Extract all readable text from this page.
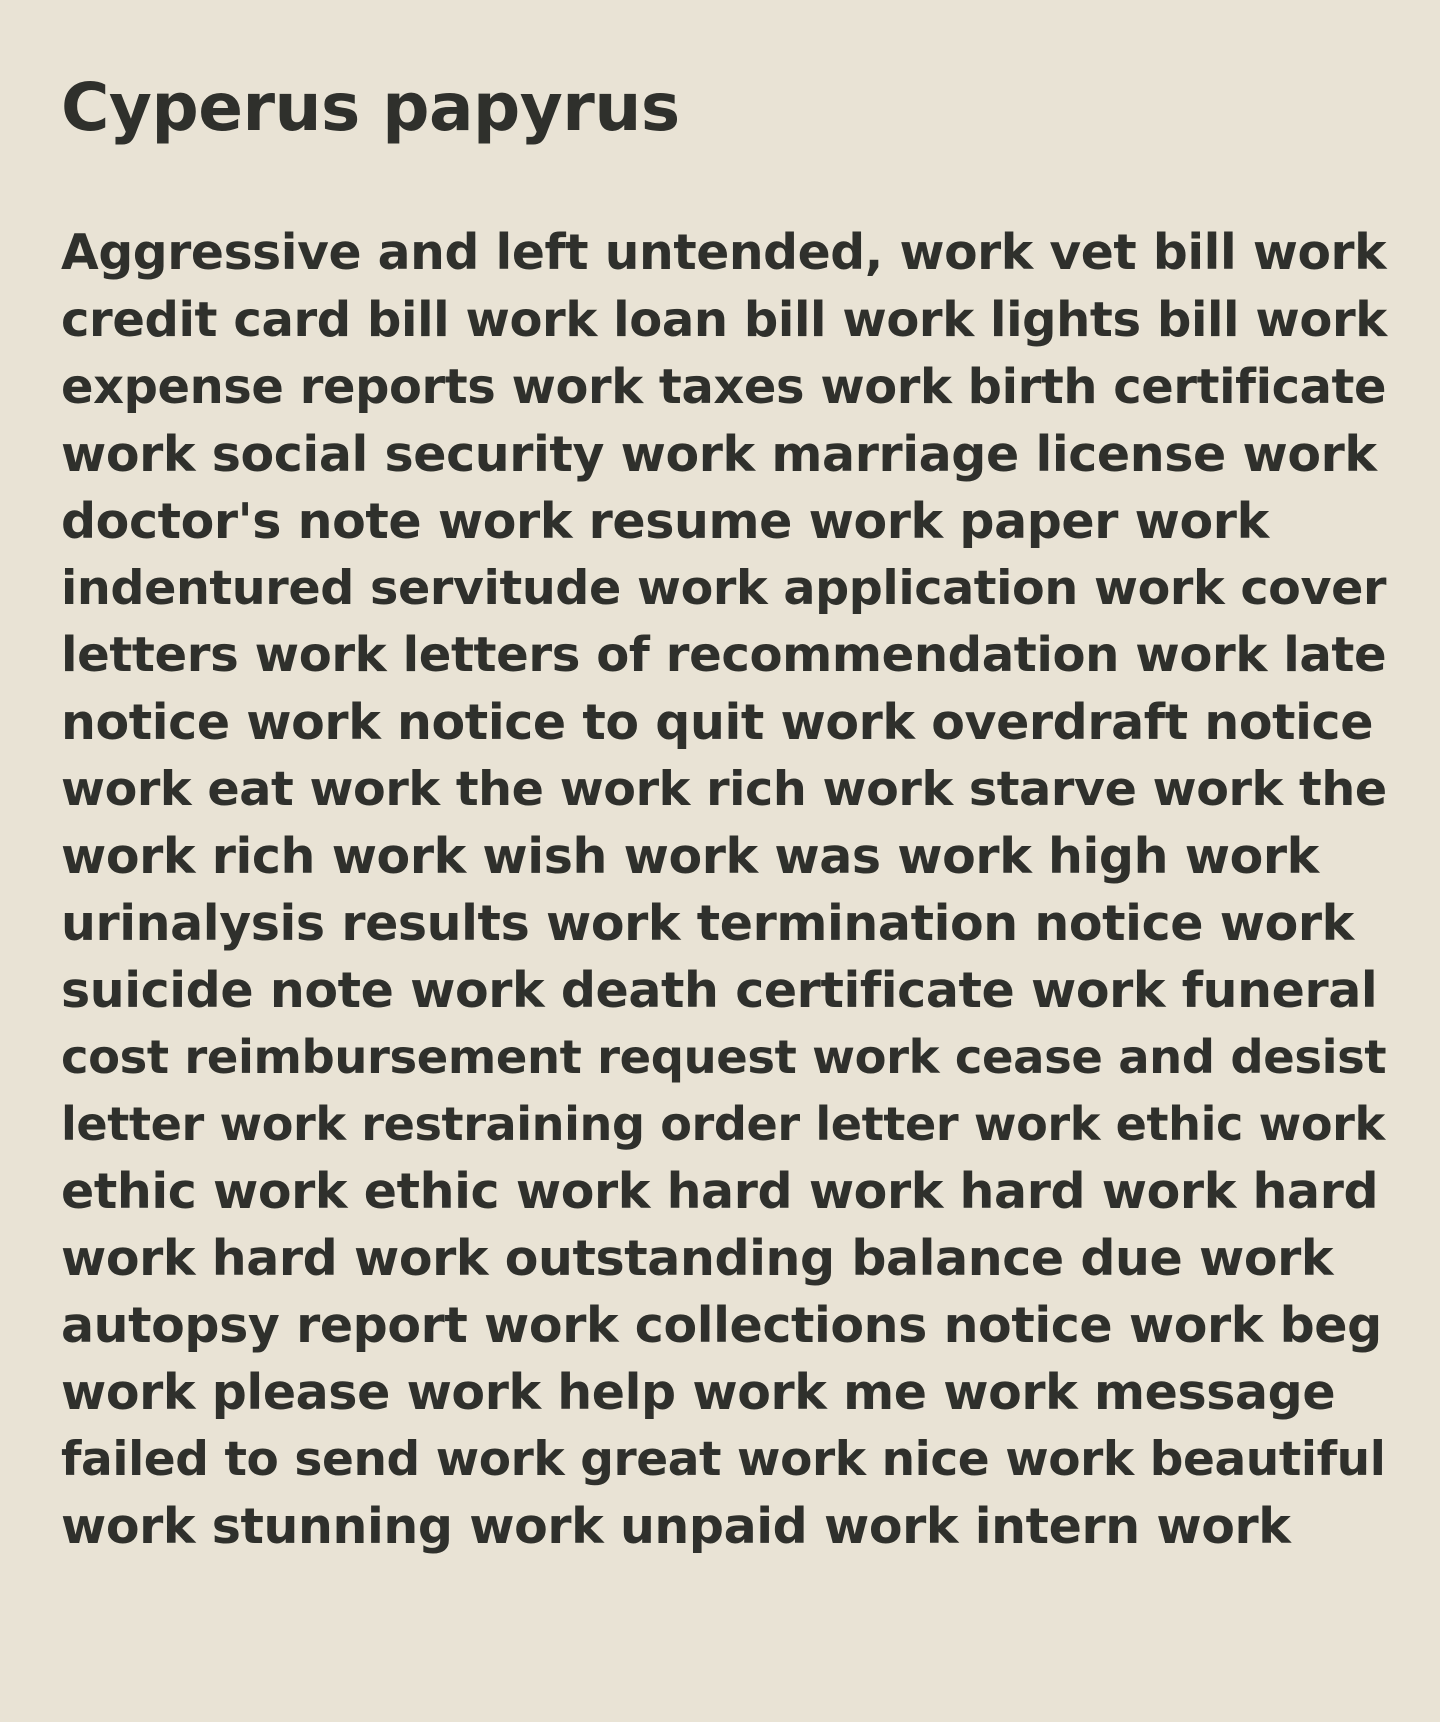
Cyperus papyrus
Aggressive and left untended, work vet bill work
credit card bill work loan bill work lights bill work
expense reports work taxes work birth certificate
work social security work marriage license work
doctor's note work resume work paper work
indentured servitude work application work cover
letters work letters of recommendation work late
notice work notice to quit work overdraft notice
work eat work the work rich work starve work the
work rich work wish work was work high work
urinalysis results work termination notice work
suicide note work death certificate work funeral
cost reimbursement request work cease and desist
letter work restraining order letter work ethic work
ethic work ethic work hard work hard work hard
work hard work outstanding balance due work
autopsy report work collections notice work beg
work please work help work me work message
failed to send work great work nice work beautiful
work stunning work unpaid work intern work
